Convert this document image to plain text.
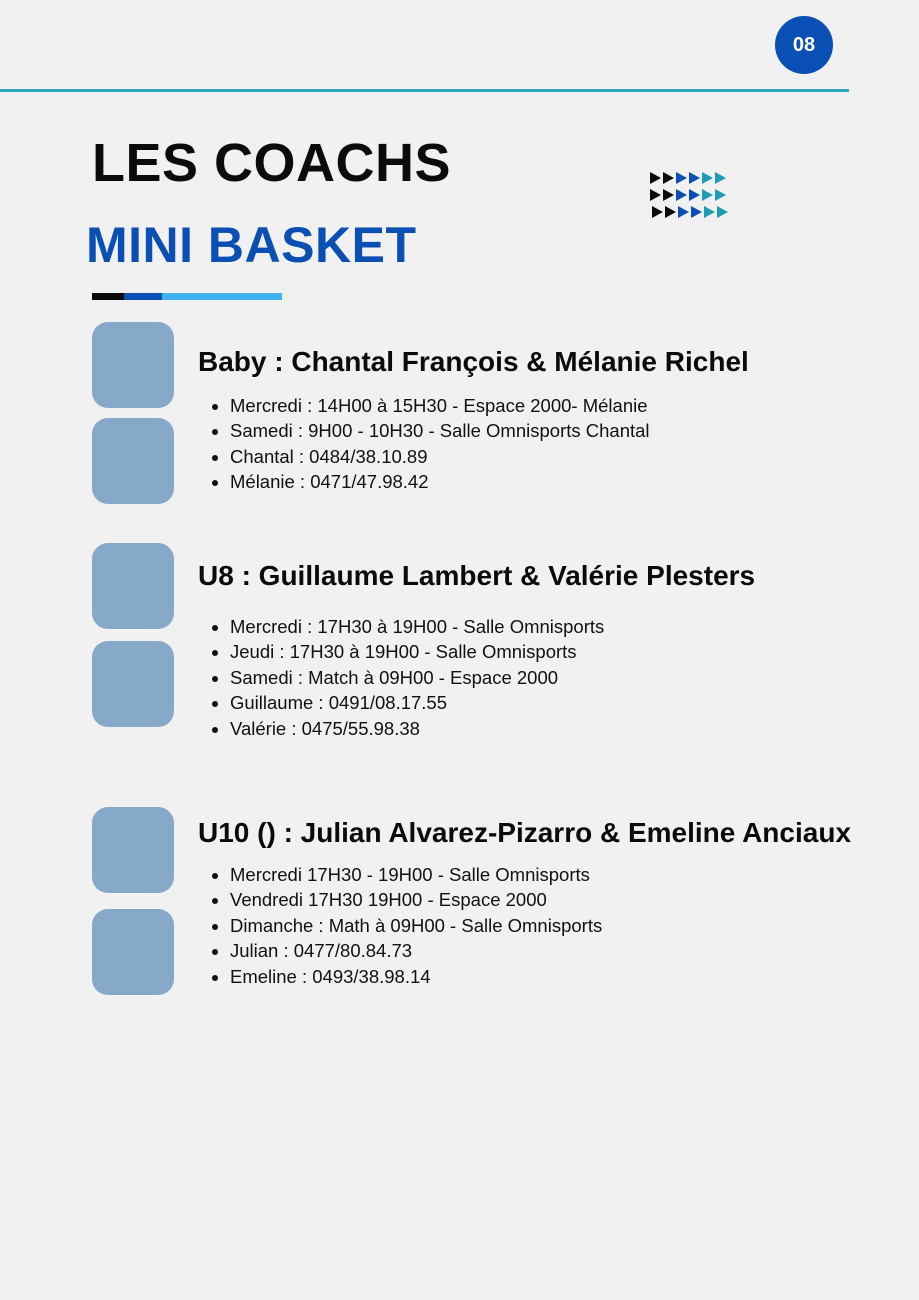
08
LES COACHS
MINI BASKET
Baby : Chantal François & Mélanie Richel
• Mercredi : 14H00 à 15H30 - Espace 2000- Mélanie
• Samedi : 9H00 - 10H30 - Salle Omnisports Chantal
• Chantal : 0484/38.10.89
• Mélanie : 0471/47.98.42
U8 : Guillaume Lambert & Valérie Plesters
• Mercredi : 17H30 à 19H00 - Salle Omnisports
• Jeudi : 17H30 à 19H00 - Salle Omnisports
• Samedi : Match à 09H00 - Espace 2000
• Guillaume : 0491/08.17.55
• Valérie : 0475/55.98.38
U10 () : Julian Alvarez-Pizarro & Emeline Anciaux
• Mercredi 17H30 - 19H00 - Salle Omnisports
• Vendredi 17H30 19H00 - Espace 2000
• Dimanche : Math à 09H00 - Salle Omnisports
• Julian : 0477/80.84.73
• Emeline : 0493/38.98.14
